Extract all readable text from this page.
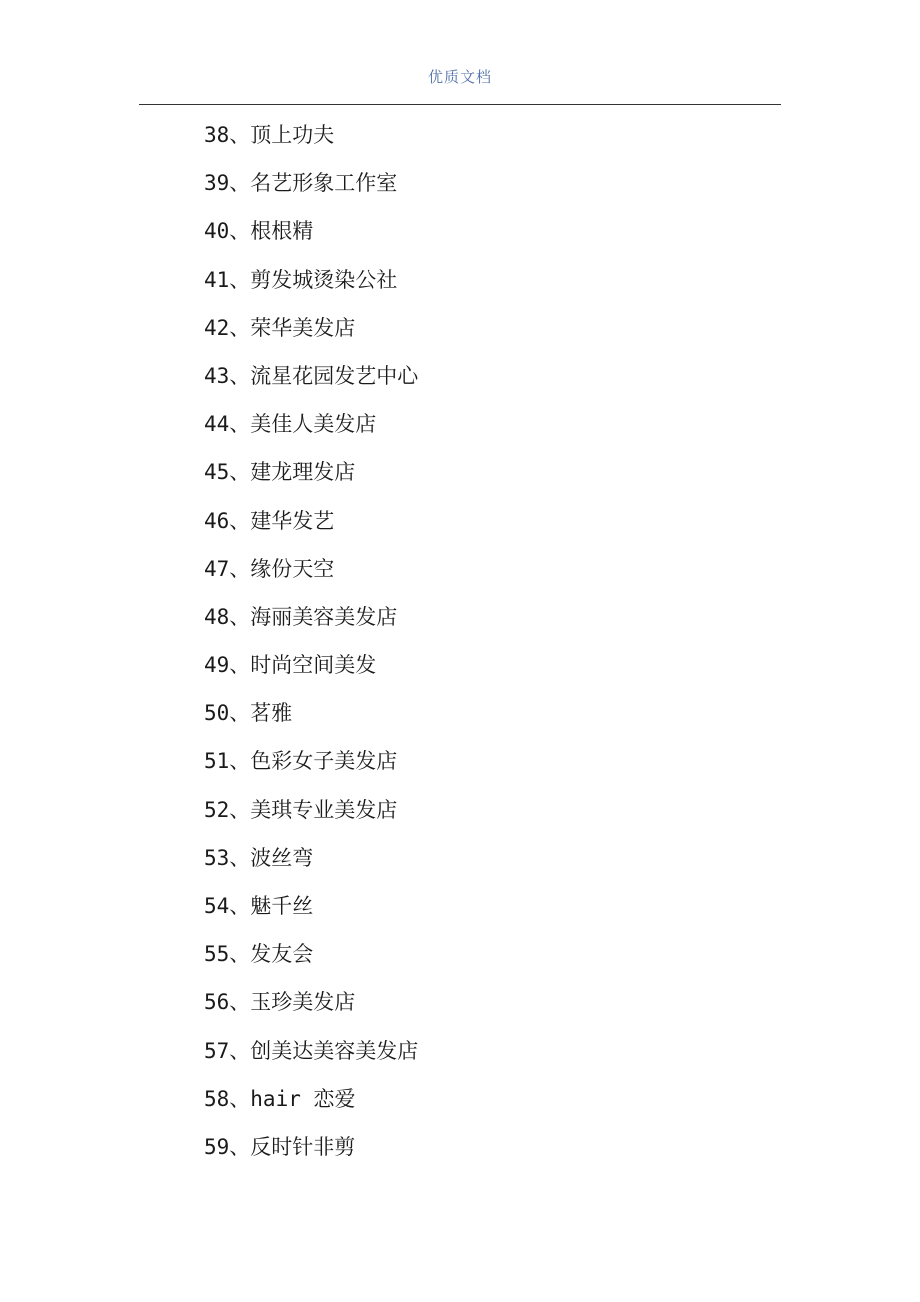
优质文档
38、顶上功夫
39、名艺形象工作室
40、根根精
41、剪发城烫染公社
42、荣华美发店
43、流星花园发艺中心
44、美佳人美发店
45、建龙理发店
46、建华发艺
47、缘份天空
48、海丽美容美发店
49、时尚空间美发
50、茗雅
51、色彩女子美发店
52、美琪专业美发店
53、波丝弯
54、魅千丝
55、发友会
56、玉珍美发店
57、创美达美容美发店
58、hair 恋爱
59、反时针非剪
